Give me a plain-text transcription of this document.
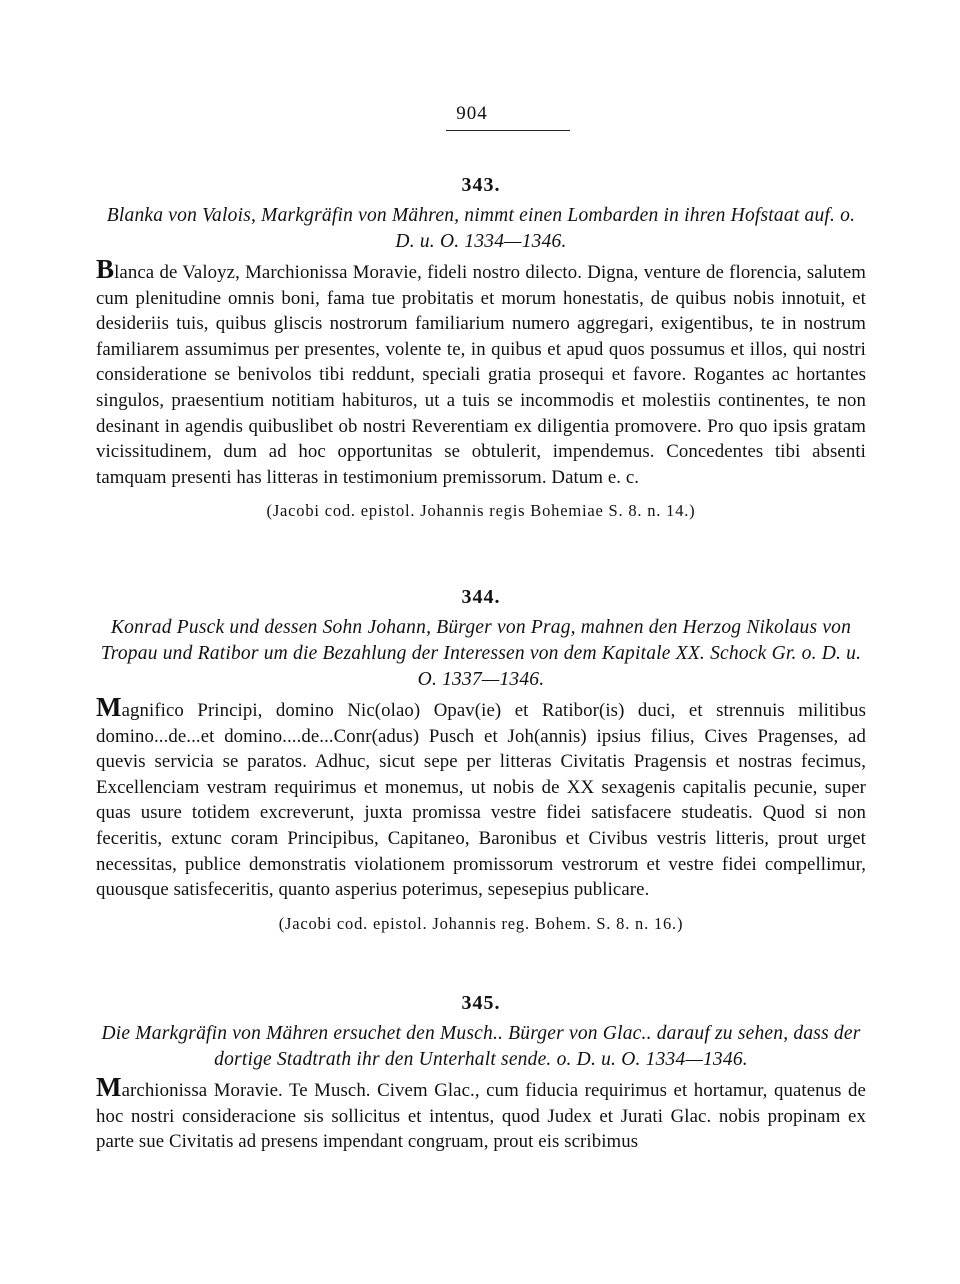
904

343.

Blanka von Valois, Markgräfin von Mähren, nimmt einen Lombarden in ihren Hofstaat auf. o. D. u. O. 1334—1346.

Blanca de Valoyz, Marchionissa Moravie, fideli nostro dilecto. Digna, venture de florencia, salutem cum plenitudine omnis boni, fama tue probitatis et morum honestatis, de quibus nobis innotuit, et desideriis tuis, quibus gliscis nostrorum familiarium numero aggregari, exigentibus, te in nostrum familiarem assumimus per presentes, volente te, in quibus et apud quos possumus et illos, qui nostri consideratione se benivolos tibi reddunt, speciali gratia prosequi et favore. Rogantes ac hortantes singulos, praesentium notitiam habituros, ut a tuis se incommodis et molestiis continentes, te non desinant in agendis quibuslibet ob nostri Reverentiam ex diligentia promovere. Pro quo ipsis gratam vicissitudinem, dum ad hoc opportunitas se obtulerit, impendemus. Concedentes tibi absenti tamquam presenti has litteras in testimonium premissorum. Datum e. c.

(Jacobi cod. epistol. Johannis regis Bohemiae S. 8. n. 14.)

344.

Konrad Pusck und dessen Sohn Johann, Bürger von Prag, mahnen den Herzog Nikolaus von Tropau und Ratibor um die Bezahlung der Interessen von dem Kapitale XX. Schock Gr. o. D. u. O. 1337—1346.

Magnifico Principi, domino Nic(olao) Opav(ie) et Ratibor(is) duci, et strennuis militibus domino...de...et domino....de...Conr(adus) Pusch et Joh(annis) ipsius filius, Cives Pragenses, ad quevis servicia se paratos. Adhuc, sicut sepe per litteras Civitatis Pragensis et nostras fecimus, Excellenciam vestram requirimus et monemus, ut nobis de XX sexagenis capitalis pecunie, super quas usure totidem excreverunt, juxta promissa vestre fidei satisfacere studeatis. Quod si non feceritis, extunc coram Principibus, Capitaneo, Baronibus et Civibus vestris litteris, prout urget necessitas, publice demonstratis violationem promissorum vestrorum et vestre fidei compellimur, quousque satisfeceritis, quanto asperius poterimus, sepesepius publicare.

(Jacobi cod. epistol. Johannis reg. Bohem. S. 8. n. 16.)

345.

Die Markgräfin von Mähren ersuchet den Musch.. Bürger von Glac.. darauf zu sehen, dass der dortige Stadtrath ihr den Unterhalt sende. o. D. u. O. 1334—1346.

Marchionissa Moravie. Te Musch. Civem Glac., cum fiducia requirimus et hortamur, quatenus de hoc nostri consideracione sis sollicitus et intentus, quod Judex et Jurati Glac. nobis propinam ex parte sue Civitatis ad presens impendant congruam, prout eis scribimus
